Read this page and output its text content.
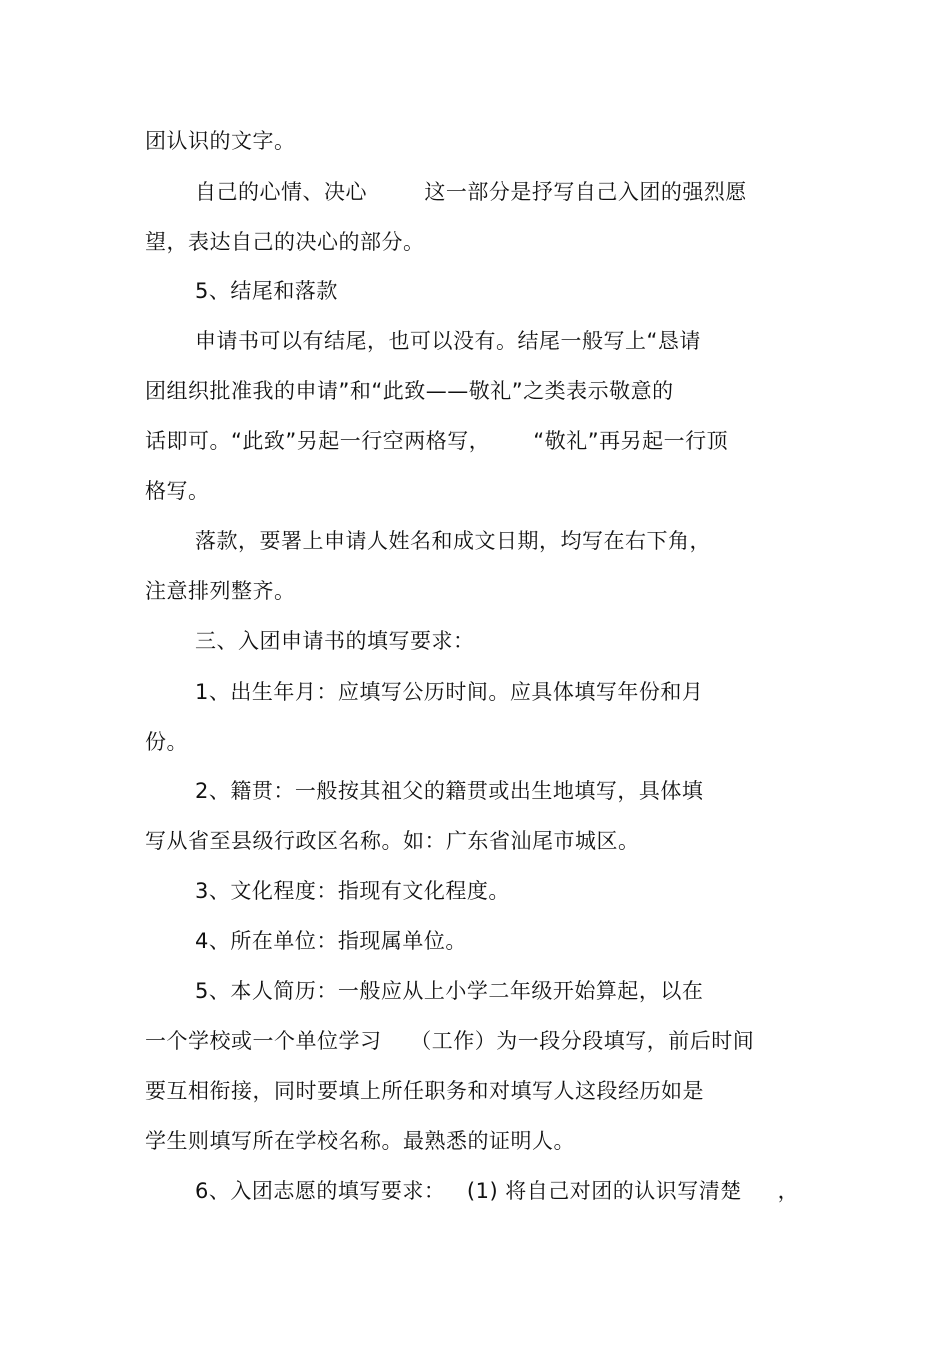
团认识的文字。
自己的心情、决心        这一部分是抒写自己入团的强烈愿
望，表达自己的决心的部分。
5、结尾和落款
申请书可以有结尾，也可以没有。结尾一般写上“恳请
团组织批准我的申请”和“此致——敬礼”之类表示敬意的
话即可。“此致”另起一行空两格写，      “敬礼”再另起一行顶
格写。
落款，要署上申请人姓名和成文日期，均写在右下角，
注意排列整齐。
三、入团申请书的填写要求：
1、出生年月：应填写公历时间。应具体填写年份和月
份。
2、籍贯：一般按其祖父的籍贯或出生地填写，具体填
写从省至县级行政区名称。如：广东省汕尾市城区。
3、文化程度：指现有文化程度。
4、所在单位：指现属单位。
5、本人简历：一般应从上小学二年级开始算起，以在
一个学校或一个单位学习    （工作）为一段分段填写，前后时间
要互相衔接，同时要填上所任职务和对填写人这段经历如是
学生则填写所在学校名称。最熟悉的证明人。
6、入团志愿的填写要求：   (1) 将自己对团的认识写清楚     ，
